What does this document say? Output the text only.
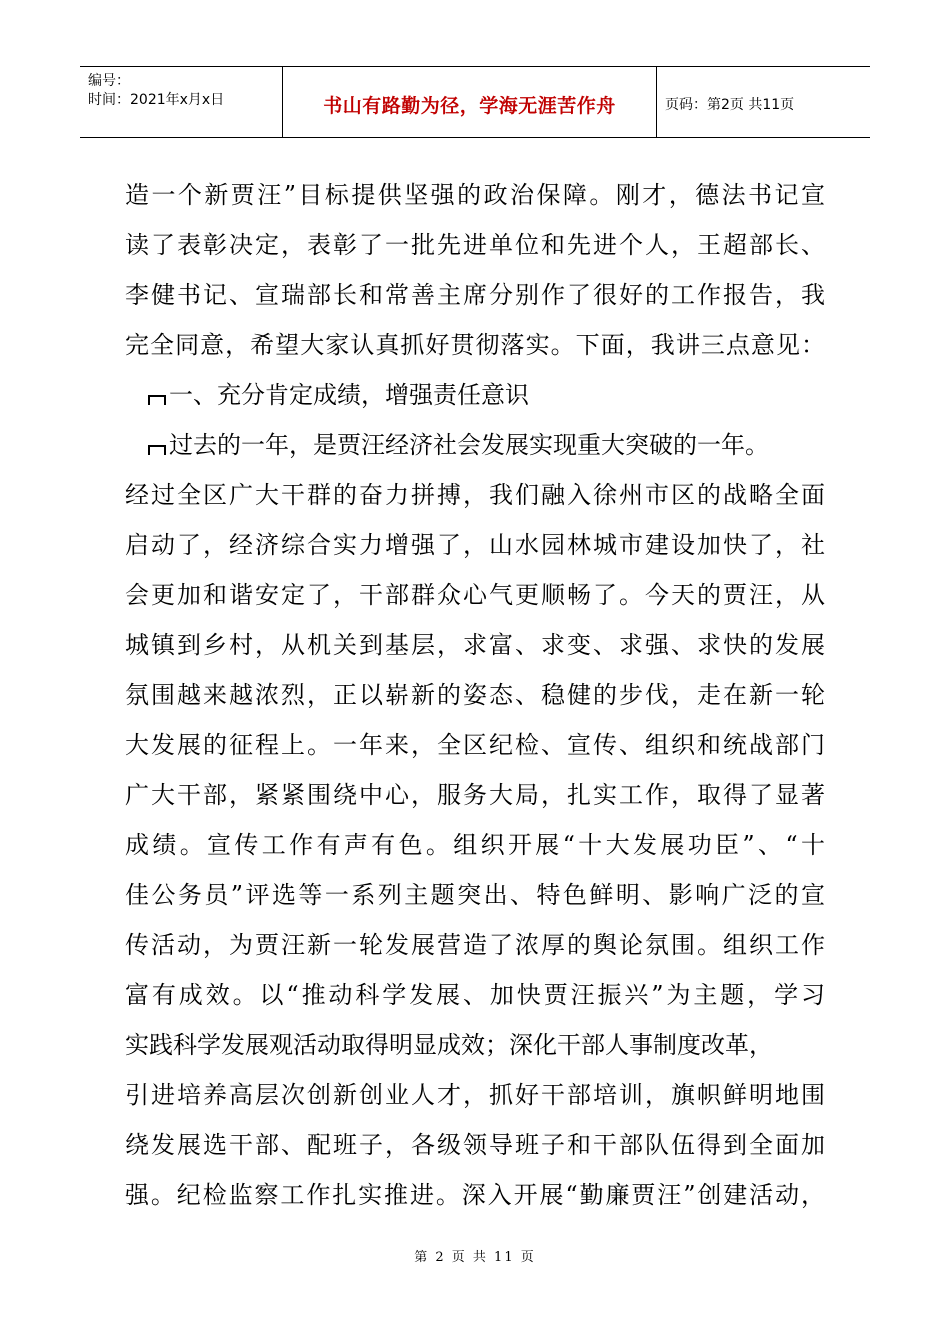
编号：
时间：2021年x月x日	书山有路勤为径，学海无涯苦作舟	页码：第2页 共11页
造一个新贾汪”目标提供坚强的政治保障。刚才，德法书记宣
读了表彰决定，表彰了一批先进单位和先进个人，王超部长、
李健书记、宣瑞部长和常善主席分别作了很好的工作报告，我
完全同意，希望大家认真抓好贯彻落实。下面，我讲三点意见：
一、充分肯定成绩，增强责任意识
过去的一年，是贾汪经济社会发展实现重大突破的一年。
经过全区广大干群的奋力拼搏，我们融入徐州市区的战略全面
启动了，经济综合实力增强了，山水园林城市建设加快了，社
会更加和谐安定了，干部群众心气更顺畅了。今天的贾汪，从
城镇到乡村，从机关到基层，求富、求变、求强、求快的发展
氛围越来越浓烈，正以崭新的姿态、稳健的步伐，走在新一轮
大发展的征程上。一年来，全区纪检、宣传、组织和统战部门
广大干部，紧紧围绕中心，服务大局，扎实工作，取得了显著
成绩。宣传工作有声有色。组织开展“十大发展功臣”、“十
佳公务员”评选等一系列主题突出、特色鲜明、影响广泛的宣
传活动，为贾汪新一轮发展营造了浓厚的舆论氛围。组织工作
富有成效。以“推动科学发展、加快贾汪振兴”为主题，学习
实践科学发展观活动取得明显成效；深化干部人事制度改革，
引进培养高层次创新创业人才，抓好干部培训，旗帜鲜明地围
绕发展选干部、配班子，各级领导班子和干部队伍得到全面加
强。纪检监察工作扎实推进。深入开展“勤廉贾汪”创建活动，
第 2 页 共 11 页
